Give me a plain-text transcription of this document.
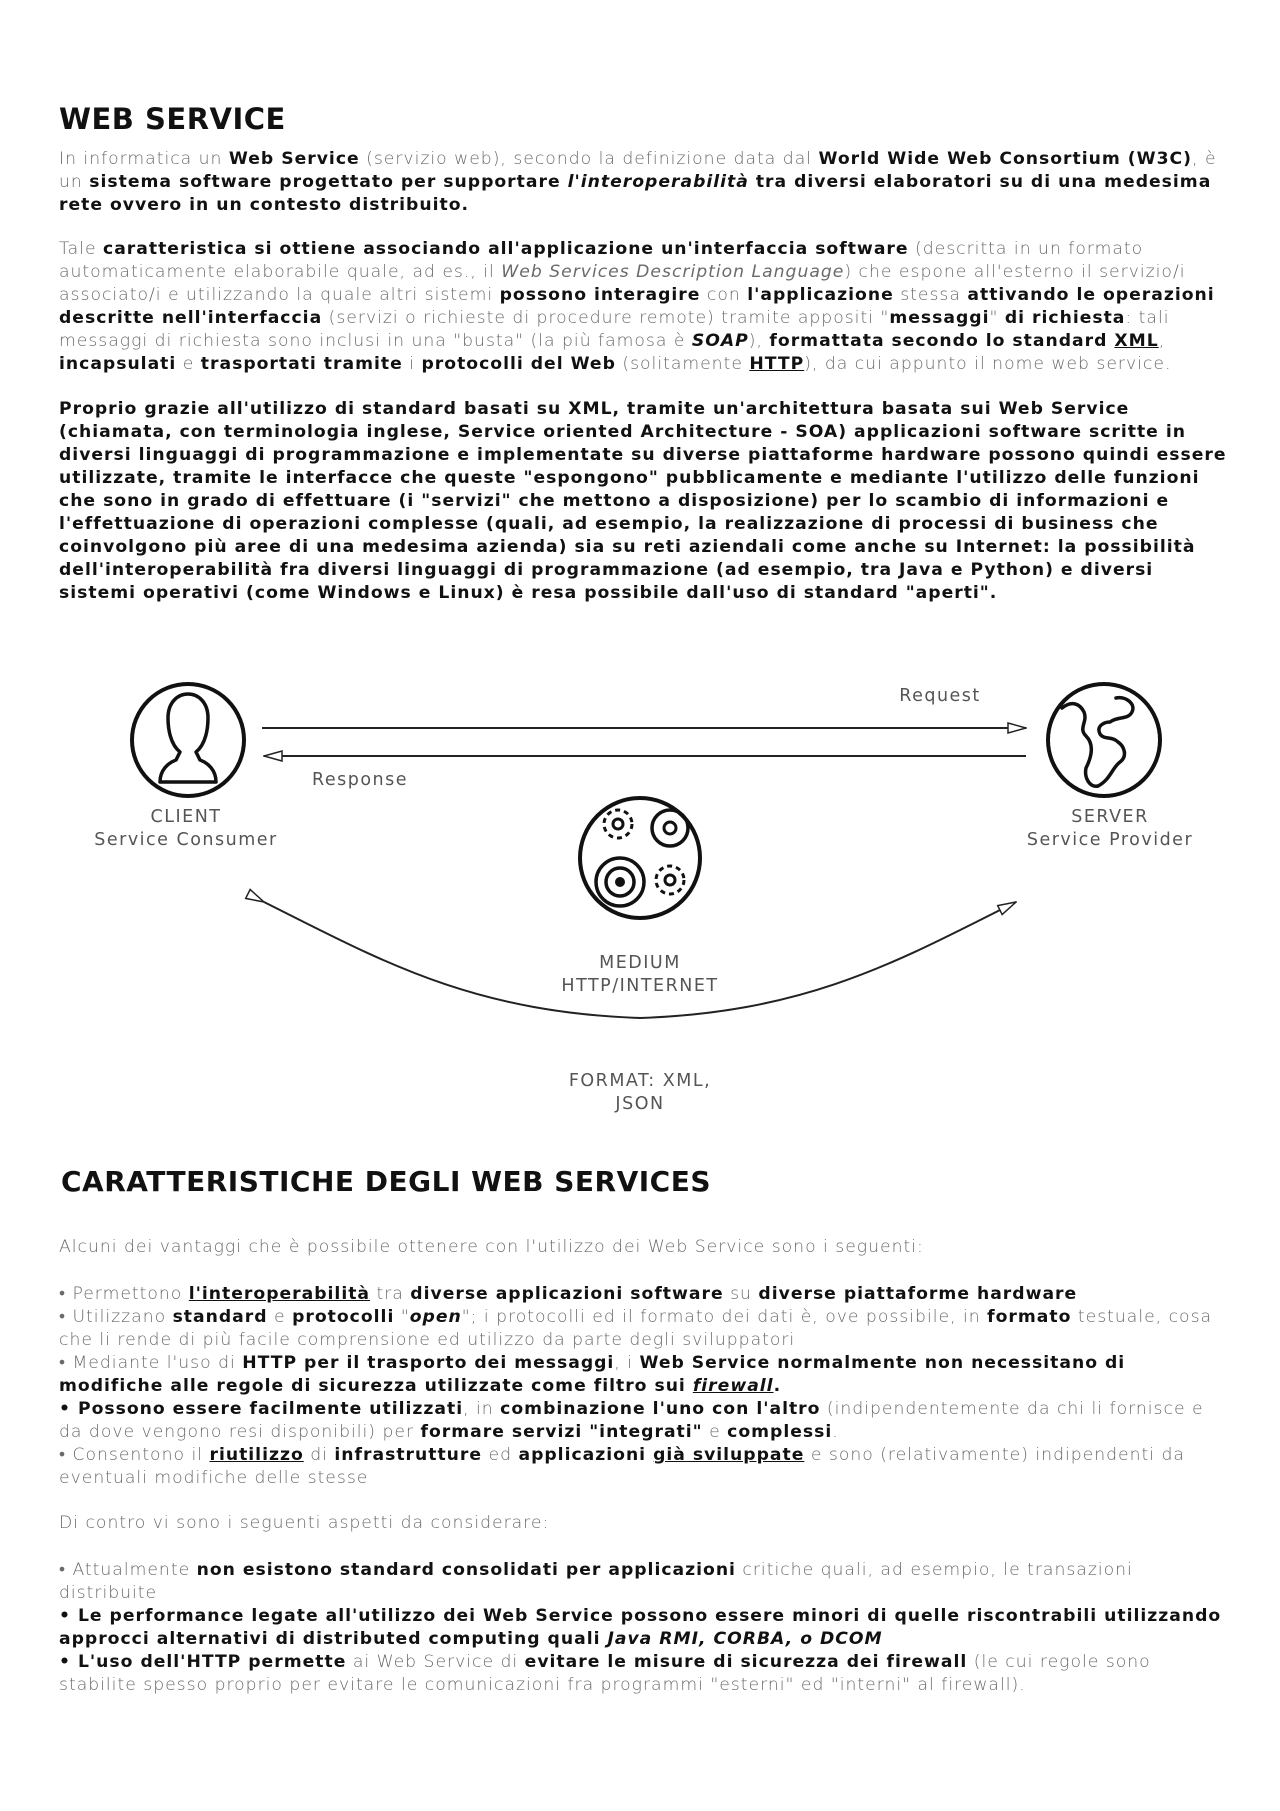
WEB SERVICE

In informatica un Web Service (servizio web), secondo la definizione data dal World Wide Web Consortium (W3C), è un sistema software progettato per supportare l'interoperabilità tra diversi elaboratori su di una medesima rete ovvero in un contesto distribuito.

Tale caratteristica si ottiene associando all'applicazione un'interfaccia software (descritta in un formato automaticamente elaborabile quale, ad es., il Web Services Description Language) che espone all'esterno il servizio/i associato/i e utilizzando la quale altri sistemi possono interagire con l'applicazione stessa attivando le operazioni descritte nell'interfaccia (servizi o richieste di procedure remote) tramite appositi "messaggi" di richiesta: tali messaggi di richiesta sono inclusi in una "busta" (la più famosa è SOAP), formattata secondo lo standard XML, incapsulati e trasportati tramite i protocolli del Web (solitamente HTTP), da cui appunto il nome web service.

Proprio grazie all'utilizzo di standard basati su XML, tramite un'architettura basata sui Web Service (chiamata, con terminologia inglese, Service oriented Architecture - SOA) applicazioni software scritte in diversi linguaggi di programmazione e implementate su diverse piattaforme hardware possono quindi essere utilizzate, tramite le interfacce che queste "espongono" pubblicamente e mediante l'utilizzo delle funzioni che sono in grado di effettuare (i "servizi" che mettono a disposizione) per lo scambio di informazioni e l'effettuazione di operazioni complesse (quali, ad esempio, la realizzazione di processi di business che coinvolgono più aree di una medesima azienda) sia su reti aziendali come anche su Internet: la possibilità dell'interoperabilità fra diversi linguaggi di programmazione (ad esempio, tra Java e Python) e diversi sistemi operativi (come Windows e Linux) è resa possibile dall'uso di standard "aperti".

Request
Response
CLIENT
Service Consumer
SERVER
Service Provider
MEDIUM
HTTP/INTERNET
FORMAT: XML,
JSON
CARATTERISTICHE DEGLI WEB SERVICES

Alcuni dei vantaggi che è possibile ottenere con l'utilizzo dei Web Service sono i seguenti:

• Permettono l'interoperabilità tra diverse applicazioni software su diverse piattaforme hardware
• Utilizzano standard e protocolli "open"; i protocolli ed il formato dei dati è, ove possibile, in formato testuale, cosa che li rende di più facile comprensione ed utilizzo da parte degli sviluppatori
• Mediante l'uso di HTTP per il trasporto dei messaggi, i Web Service normalmente non necessitano di modifiche alle regole di sicurezza utilizzate come filtro sui firewall.
• Possono essere facilmente utilizzati, in combinazione l'uno con l'altro (indipendentemente da chi li fornisce e da dove vengono resi disponibili) per formare servizi "integrati" e complessi.
• Consentono il riutilizzo di infrastrutture ed applicazioni già sviluppate e sono (relativamente) indipendenti da eventuali modifiche delle stesse

Di contro vi sono i seguenti aspetti da considerare:

• Attualmente non esistono standard consolidati per applicazioni critiche quali, ad esempio, le transazioni distribuite
• Le performance legate all'utilizzo dei Web Service possono essere minori di quelle riscontrabili utilizzando approcci alternativi di distributed computing quali Java RMI, CORBA, o DCOM
• L'uso dell'HTTP permette ai Web Service di evitare le misure di sicurezza dei firewall (le cui regole sono stabilite spesso proprio per evitare le comunicazioni fra programmi "esterni" ed "interni" al firewall).
